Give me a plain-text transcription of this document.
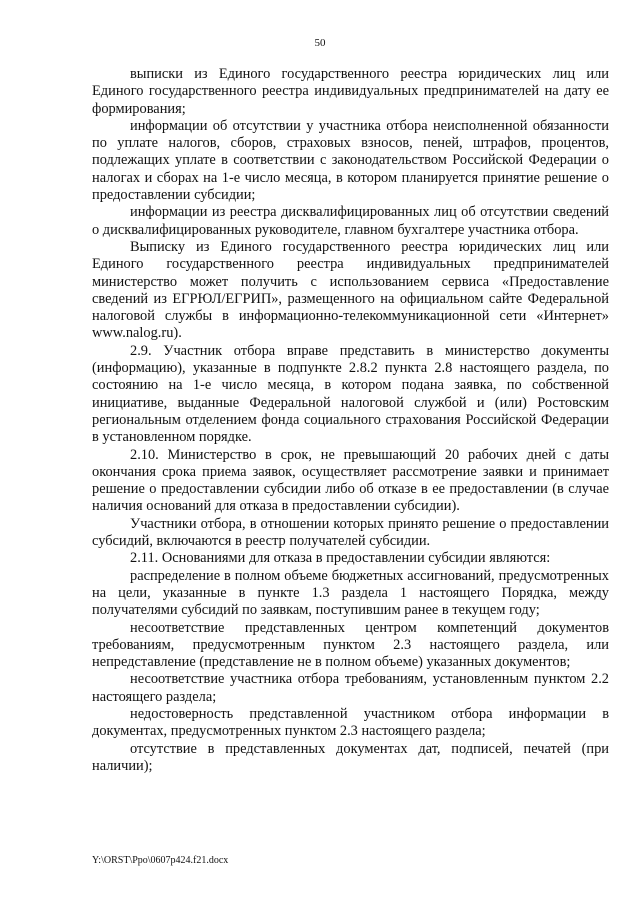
50

выписки из Единого государственного реестра юридических лиц или Единого государственного реестра индивидуальных предпринимателей на дату ее формирования;

информации об отсутствии у участника отбора неисполненной обязанности по уплате налогов, сборов, страховых взносов, пеней, штрафов, процентов, подлежащих уплате в соответствии с законодательством Российской Федерации о налогах и сборах на 1-е число месяца, в котором планируется принятие решение о предоставлении субсидии;

информации из реестра дисквалифицированных лиц об отсутствии сведений о дисквалифицированных руководителе, главном бухгалтере участника отбора.

Выписку из Единого государственного реестра юридических лиц или Единого государственного реестра индивидуальных предпринимателей министерство может получить с использованием сервиса «Предоставление сведений из ЕГРЮЛ/ЕГРИП», размещенного на официальном сайте Федеральной налоговой службы в информационно-телекоммуникационной сети «Интернет» www.nalog.ru).

2.9. Участник отбора вправе представить в министерство документы (информацию), указанные в подпункте 2.8.2 пункта 2.8 настоящего раздела, по состоянию на 1-е число месяца, в котором подана заявка, по собственной инициативе, выданные Федеральной налоговой службой и (или) Ростовским региональным отделением фонда социального страхования Российской Федерации в установленном порядке.

2.10. Министерство в срок, не превышающий 20 рабочих дней с даты окончания срока приема заявок, осуществляет рассмотрение заявки и принимает решение о предоставлении субсидии либо об отказе в ее предоставлении (в случае наличия оснований для отказа в предоставлении субсидии).

Участники отбора, в отношении которых принято решение о предоставлении субсидий, включаются в реестр получателей субсидии.

2.11. Основаниями для отказа в предоставлении субсидии являются:

распределение в полном объеме бюджетных ассигнований, предусмотренных на цели, указанные в пункте 1.3 раздела 1 настоящего Порядка, между получателями субсидий по заявкам, поступившим ранее в текущем году;

несоответствие представленных центром компетенций документов требованиям, предусмотренным пунктом 2.3 настоящего раздела, или непредставление (представление не в полном объеме) указанных документов;

несоответствие участника отбора требованиям, установленным пунктом 2.2 настоящего раздела;

недостоверность представленной участником отбора информации в документах, предусмотренных пунктом 2.3 настоящего раздела;

отсутствие в представленных документах дат, подписей, печатей (при наличии);

Y:\ORST\Ppo\0607p424.f21.docx
